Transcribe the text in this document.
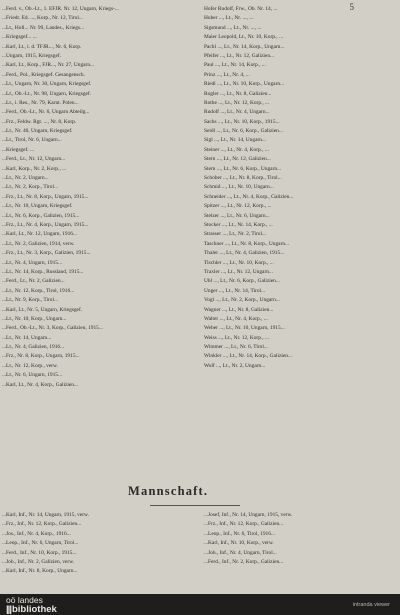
5
...Ferd. v., Ob.-Lt., 1. EFJR. Nr. 12, Ungarn, Kriegs-...
...Friedr. Ed. ..., Korp., Nr. 12, Tirol...
...Lt., Holl... Nr. 99, Landes., Kriegs...
...Kriegsgef... ...
...Karl, Lt., i. d. TFJR..., Nr. 6, Korp.
...Ungarn, 1915, Kriegsgef.
...Karl, Lt., Korp., FJR..., Nr. 27, Ungarn...
...Ferd., Pol., Kriegsgef. Gesangensch.
...Lt., Ungarn, Nr. 30, Ungarn, Kriegsgef.
...Lt., Ob.-Lt., Nr. 98, Ungarn, Kriegsgef.
...Lt., i. Res., Nr. 79, Karnt. Polen...
...Ferd., Ob.-Lt., Nr. 6, Ungarn Abteilg...
...Frz., Feldw. Rgt. ..., Nr. 8, Korp.
...Lt., Nr. 46, Ungarn, Kriegsgef.
...Lt., Tirol, Nr. 6, Ungarn...
...Kriegsgef. ...
...Ferd., Lt., Nr. 12, Ungarn...
...Karl, Korp., Nr. 2, Korp., ...
...Lt., Nr. 2, Ungarn...
...Lt., Nr. 2, Korp., Tirol...
...Frz., Lt., Nr. 8, Korp., Ungarn, 1915...
...Lt., Nr. 10, Ungarn, Kriegsgef.
...Lt., Nr. 6, Korp., Galizien, 1915...
...Frz., Lt., Nr. 4, Korp., Ungarn, 1915...
...Karl, Lt., Nr. 12, Ungarn, 1916...
...Lt., Nr. 2, Galizien, 1914, verw.
...Frz., Lt., Nr. 3, Korp., Galizien, 1915...
...Lt., Nr. 4, Ungarn, 1915...
...Lt., Nr. 14, Korp., Russland, 1915...
...Ferd., Lt., Nr. 2, Galizien...
...Lt., Nr. 12, Korp., Tirol, 1916...
...Lt., Nr. 9, Korp., Tirol...
...Karl, Lt., Nr. 5, Ungarn, Kriegsgef.
...Lt., Nr. 10, Korp., Ungarn...
...Ferd., Ob.-Lt., Nr. 3, Korp., Galizien, 1915...
...Lt., Nr. 14, Ungarn...
...Lt., Nr. 4, Galizien, 1916...
...Frz., Nr. 8, Korp., Ungarn, 1915...
...Lt., Nr. 12, Korp., verw.
...Lt., Nr. 6, Ungarn, 1915...
...Karl, Lt., Nr. 4, Korp., Galizien...
Hofer Rudolf, Frw., Ob. Nr. 14, ...
Huber ..., Lt., Nr. ..., ...
Sigsmund ..., Lt., Nr. ..., ...
Maier Leopold, Lt., Nr. 10, Korp., ...
Pachl ..., Lt., Nr. 14, Korp., Ungarn...
Pfeifer ..., Lt., Nr. 12, Galizien...
Paul ..., Lt., Nr. 14, Korp., ...
Prinz ..., Lt., Nr. 4, ...
Riedl ..., Lt., Nr. 10, Korp., Ungarn...
Rogler ..., Lt., Nr. 8, Galizien...
Rothe ..., Lt., Nr. 12, Korp., ...
Rudolf ..., Lt., Nr. 4, Ungarn...
Sachs ..., Lt., Nr. 10, Korp., 1915...
Seidl ..., Lt., Nr. 6, Korp., Galizien...
Sigl ..., Lt., Nr. 14, Ungarn...
Steiner ..., Lt., Nr. 4, Korp., ...
Stern ..., Lt., Nr. 12, Galizien...
Stern ..., Lt., Nr. 6, Korp., Ungarn...
Schober ..., Lt., Nr. 8, Korp., Tirol...
Schmid ..., Lt., Nr. 10, Ungarn...
Schneider ..., Lt., Nr. 4, Korp., Galizien...
Spitzer ..., Lt., Nr. 12, Korp., ...
Stelzer ..., Lt., Nr. 6, Ungarn...
Stocker ..., Lt., Nr. 14, Korp., ...
Strasser ..., Lt., Nr. 2, Tirol...
Taschner ..., Lt., Nr. 8, Korp., Ungarn...
Thaler ..., Lt., Nr. 4, Galizien, 1915...
Tischler ..., Lt., Nr. 10, Korp., ...
Traxler ..., Lt., Nr. 12, Ungarn...
Uhl ..., Lt., Nr. 6, Korp., Galizien...
Unger ..., Lt., Nr. 14, Tirol...
Vogl ..., Lt., Nr. 2, Korp., Ungarn...
Wagner ..., Lt., Nr. 8, Galizien...
Walter ..., Lt., Nr. 4, Korp., ...
Weber ..., Lt., Nr. 10, Ungarn, 1915...
Weiss ..., Lt., Nr. 12, Korp., ...
Wimmer ..., Lt., Nr. 6, Tirol...
Winkler ..., Lt., Nr. 14, Korp., Galizien...
Wolf ..., Lt., Nr. 2, Ungarn...
Mannschaft.
...Karl, Inf., Nr. 14, Ungarn, 1915, verw.
...Frz., Inf., Nr. 12, Korp., Galizien...
...Jos., Inf., Nr. 4, Korp., 1916...
...Leop., Inf., Nr. 6, Ungarn, Tirol...
...Ferd., Inf., Nr. 10, Korp., 1915...
...Joh., Inf., Nr. 2, Galizien, verw.
...Karl, Inf., Nr. 8, Korp., Ungarn...
...Josef, Inf., Nr. 14, Ungarn, 1915, verw.
...Frz., Inf., Nr. 12, Korp., Galizien...
...Leop., Inf., Nr. 6, Tirol, 1916...
...Karl, Inf., Nr. 10, Korp., verw.
...Joh., Inf., Nr. 4, Ungarn, Tirol...
...Ferd., Inf., Nr. 2, Korp., Galizien...
oö landes
|||bibliothek	intranda viewer
